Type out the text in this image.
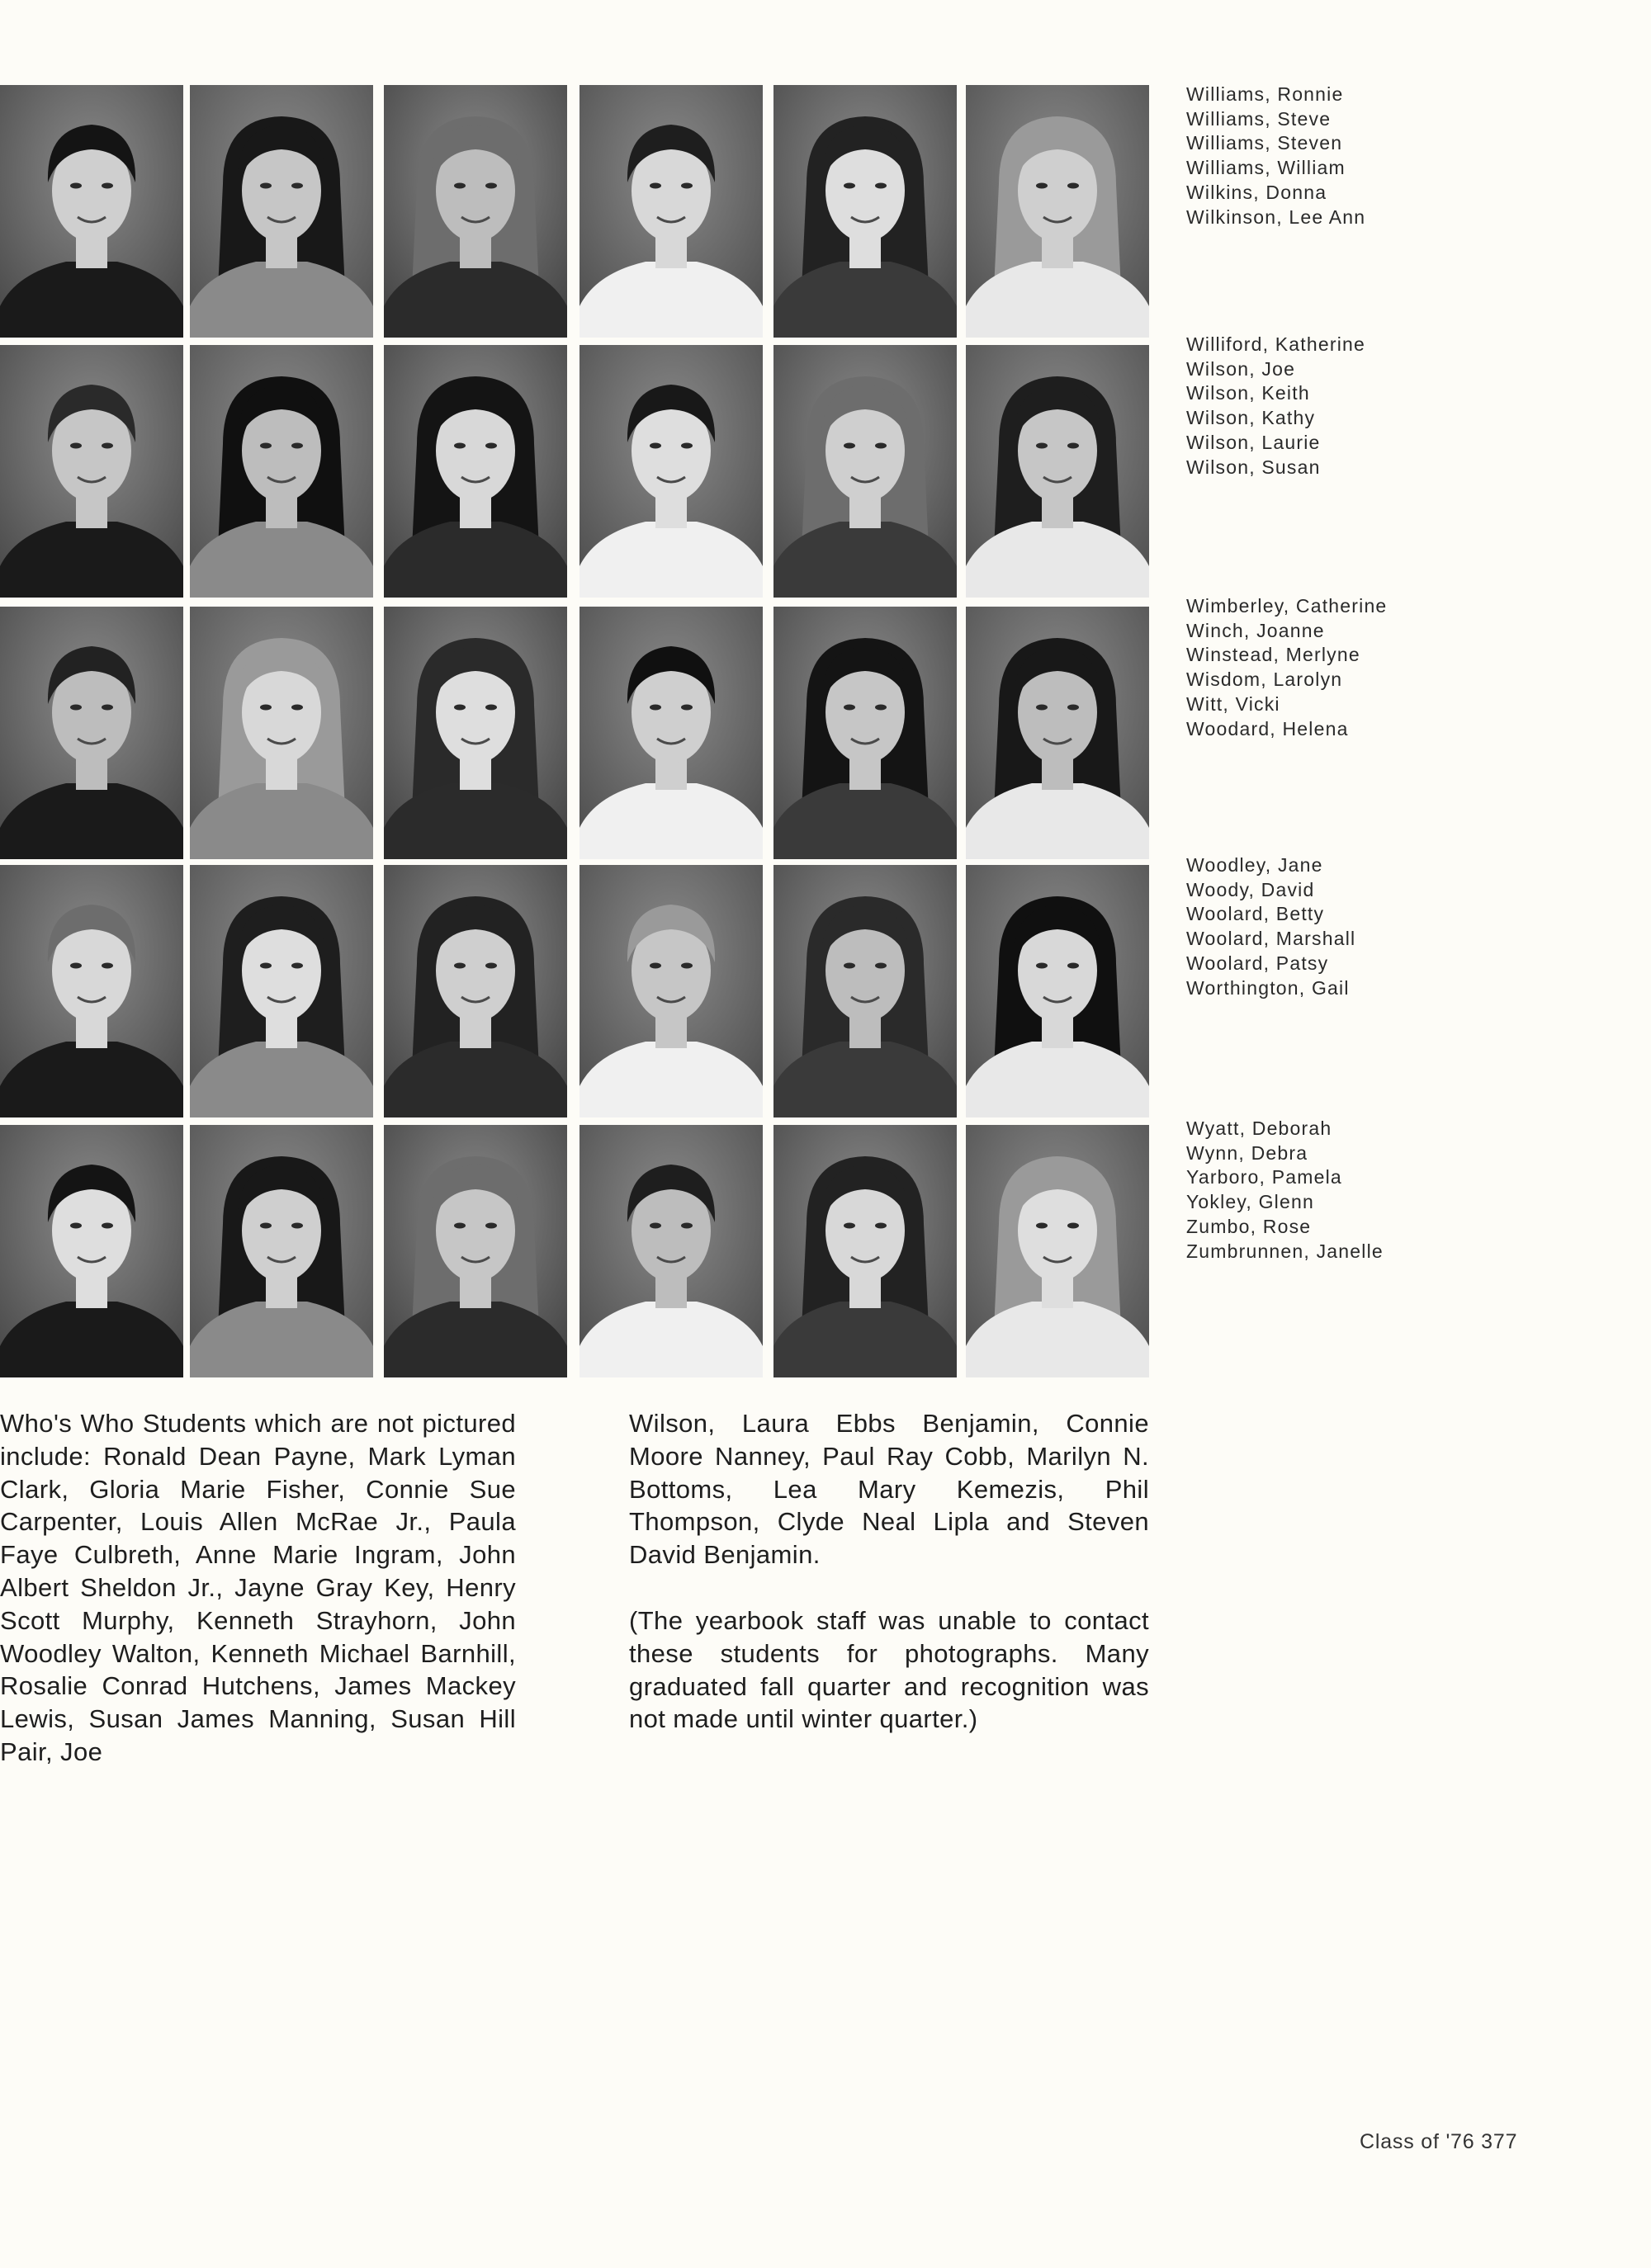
Williams, Ronnie
Williams, Steve
Williams, Steven
Williams, William
Wilkins, Donna
Wilkinson, Lee Ann
Williford, Katherine
Wilson, Joe
Wilson, Keith
Wilson, Kathy
Wilson, Laurie
Wilson, Susan
Wimberley, Catherine
Winch, Joanne
Winstead, Merlyne
Wisdom, Larolyn
Witt, Vicki
Woodard, Helena
Woodley, Jane
Woody, David
Woolard, Betty
Woolard, Marshall
Woolard, Patsy
Worthington, Gail
Wyatt, Deborah
Wynn, Debra
Yarboro, Pamela
Yokley, Glenn
Zumbo, Rose
Zumbrunnen, Janelle

Who's Who Students which are not pictured include: Ronald Dean Payne, Mark Lyman Clark, Gloria Marie Fisher, Connie Sue Carpenter, Louis Allen McRae Jr., Paula Faye Culbreth, Anne Marie Ingram, John Albert Sheldon Jr., Jayne Gray Key, Henry Scott Murphy, Kenneth Strayhorn, John Woodley Walton, Kenneth Michael Barnhill, Rosalie Conrad Hutchens, James Mackey Lewis, Susan James Manning, Susan Hill Pair, Joe

Wilson, Laura Ebbs Benjamin, Connie Moore Nanney, Paul Ray Cobb, Marilyn N. Bottoms, Lea Mary Kemezis, Phil Thompson, Clyde Neal Lipla and Steven David Benjamin.

(The yearbook staff was unable to contact these students for photographs. Many graduated fall quarter and recognition was not made until winter quarter.)

Class of '76 377
